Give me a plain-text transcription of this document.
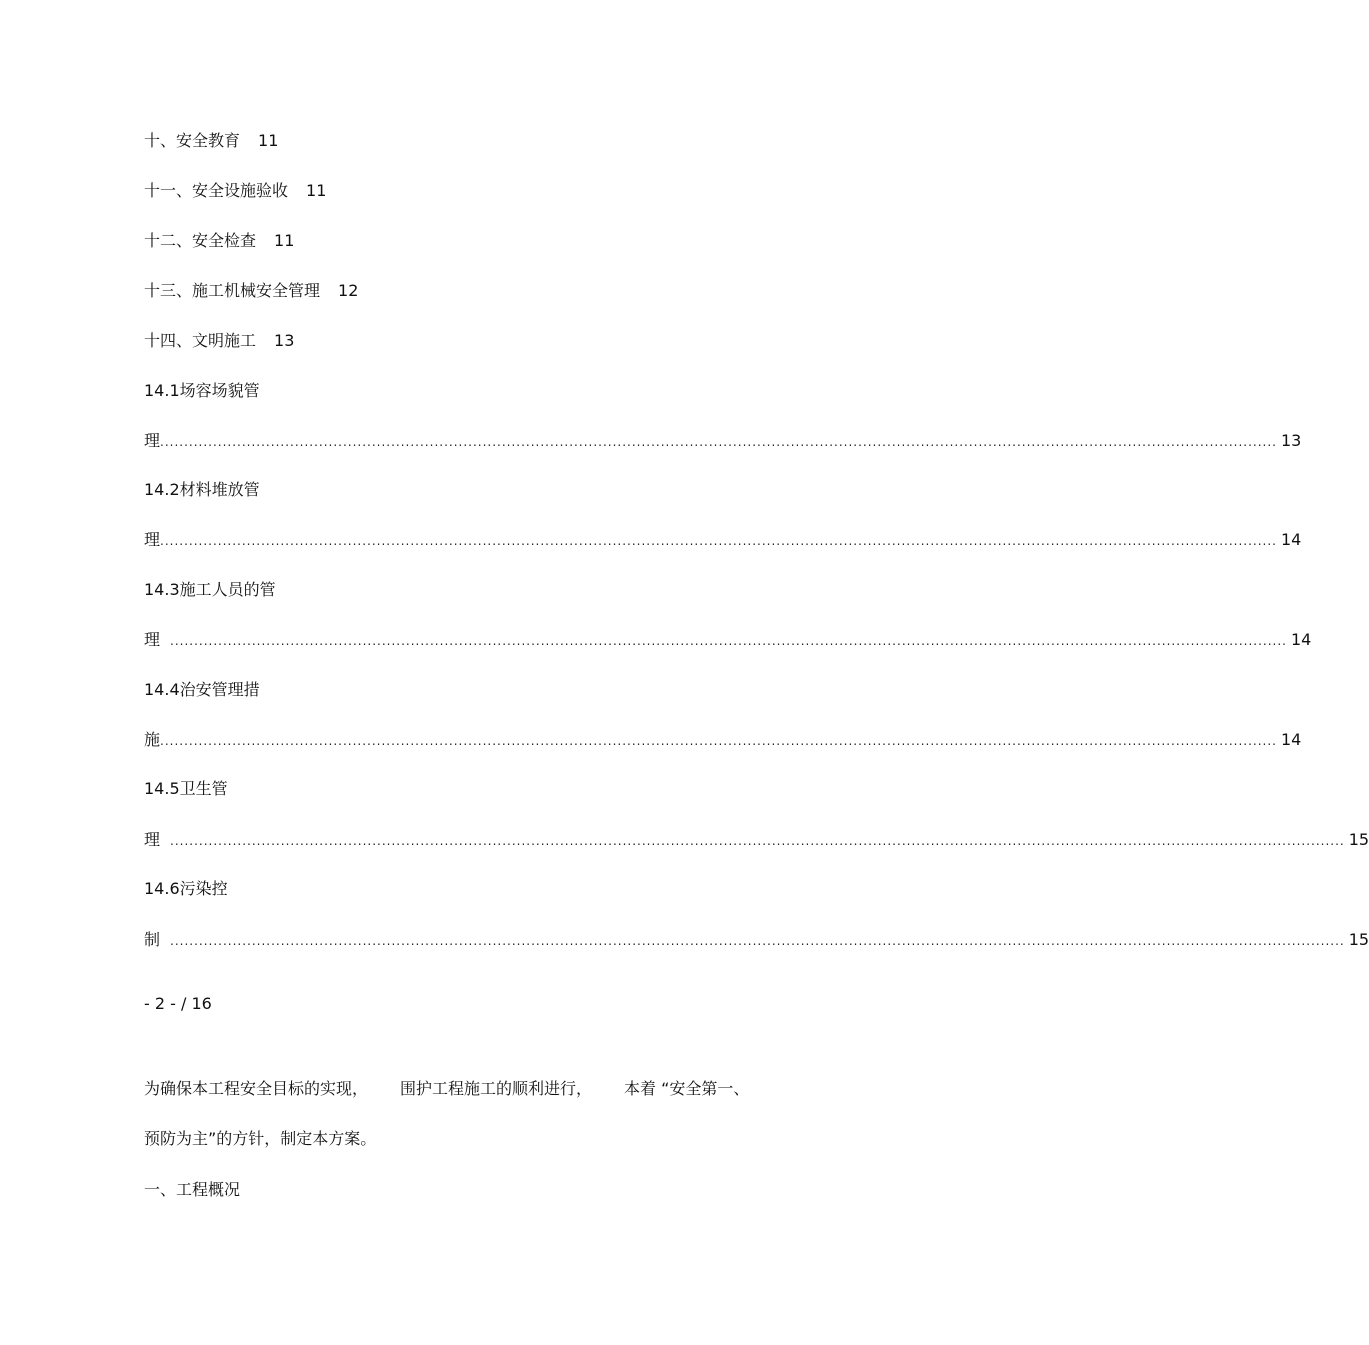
十、安全教育 11
十一、安全设施验收 11
十二、安全检查 11
十三、施工机械安全管理 12
十四、文明施工 13
14.1场容场貌管
理 ........................................................................................................................................................................................................................................ 13
14.2材料堆放管
理 ........................................................................................................................................................................................................................................ 14
14.3施工人员的管
理 ........................................................................................................................................................................................................................................ 14
14.4治安管理措
施 ........................................................................................................................................................................................................................................ 14
14.5卫生管
理 .................................................................................................................................................................................................................................................... 15
14.6污染控
制 .................................................................................................................................................................................................................................................... 15
- 2 - / 16
为确保本工程安全目标的实现， 围护工程施工的顺利进行， 本着 “安全第一、
预防为主”的方针，制定本方案。
一、工程概况
